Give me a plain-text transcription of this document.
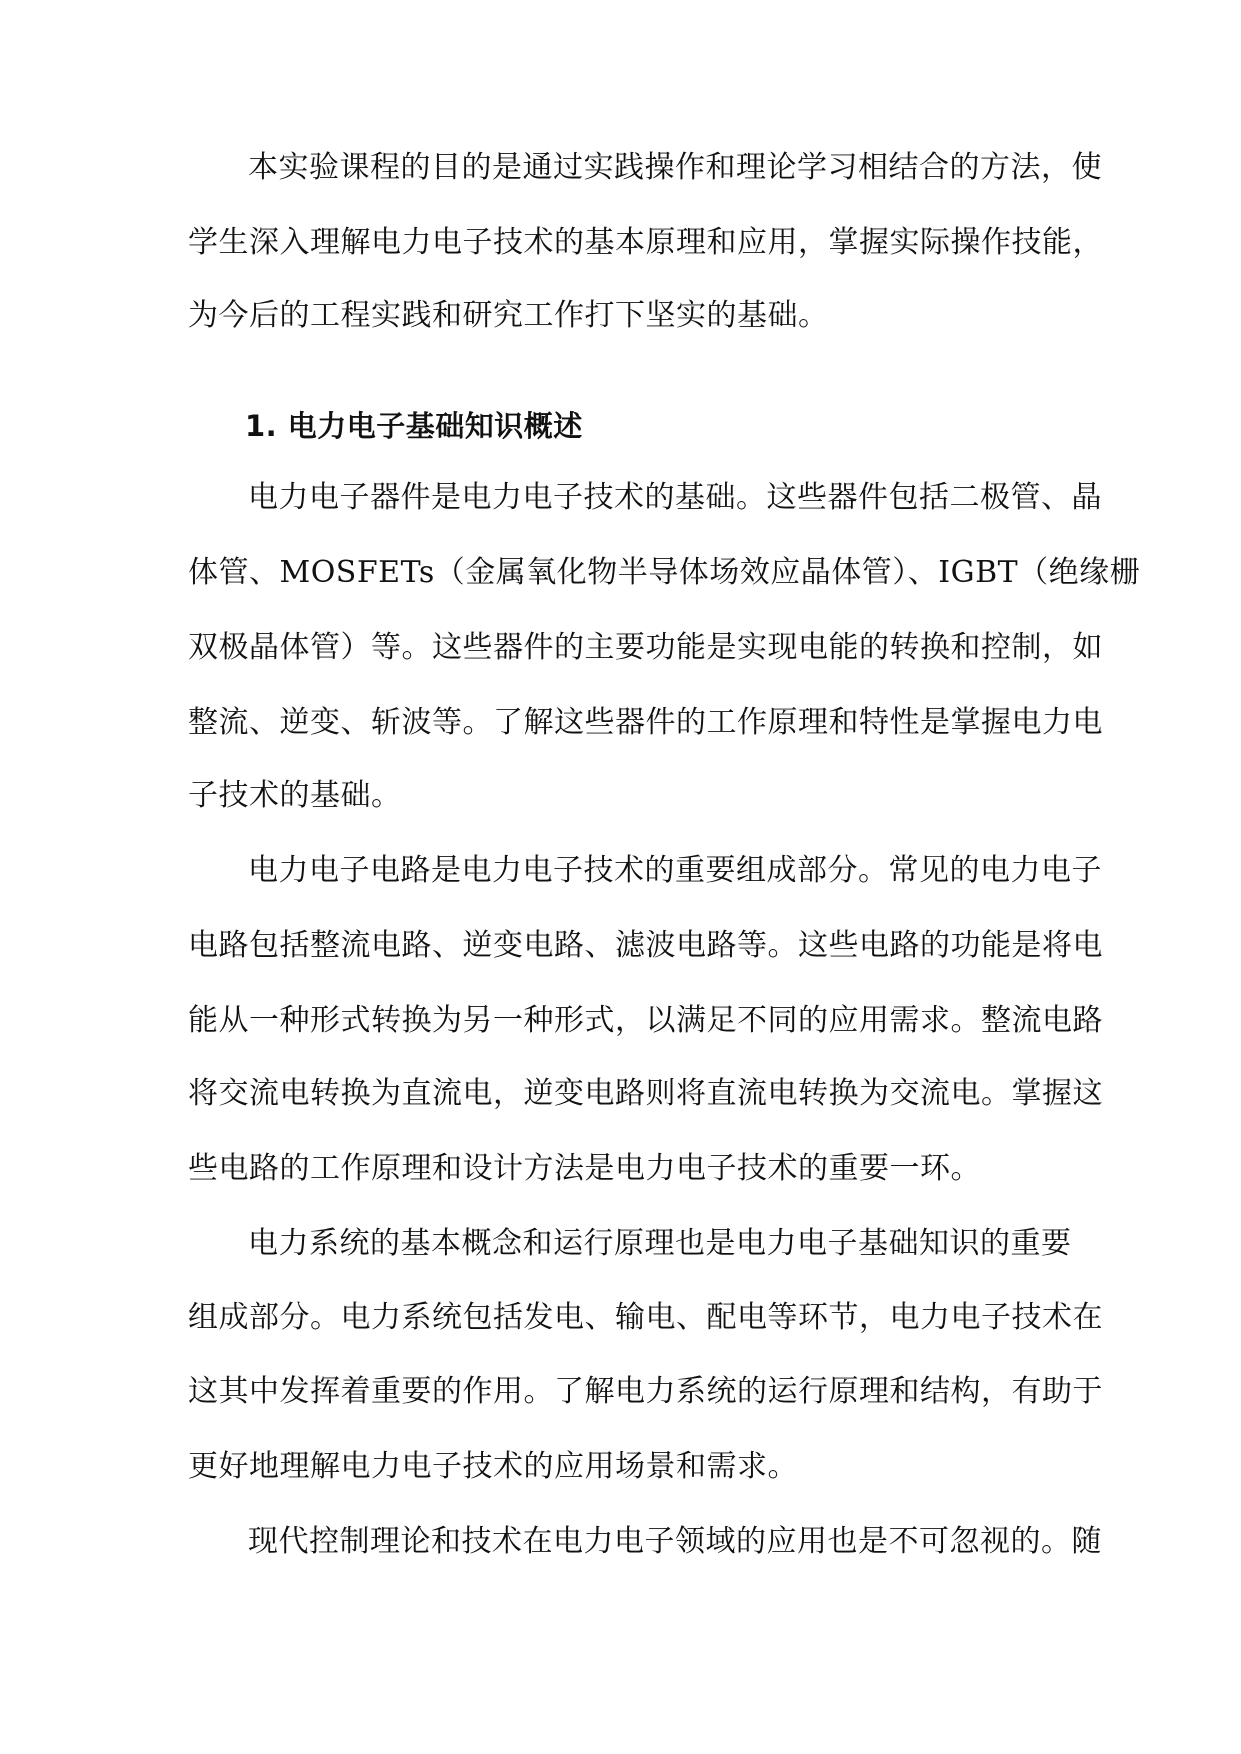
本实验课程的目的是通过实践操作和理论学习相结合的方法，使
学生深入理解电力电子技术的基本原理和应用，掌握实际操作技能，
为今后的工程实践和研究工作打下坚实的基础。
1. 电力电子基础知识概述
电力电子器件是电力电子技术的基础。这些器件包括二极管、晶
体管、MOSFETs（金属氧化物半导体场效应晶体管）、IGBT（绝缘栅
双极晶体管）等。这些器件的主要功能是实现电能的转换和控制，如
整流、逆变、斩波等。了解这些器件的工作原理和特性是掌握电力电
子技术的基础。
电力电子电路是电力电子技术的重要组成部分。常见的电力电子
电路包括整流电路、逆变电路、滤波电路等。这些电路的功能是将电
能从一种形式转换为另一种形式，以满足不同的应用需求。整流电路
将交流电转换为直流电，逆变电路则将直流电转换为交流电。掌握这
些电路的工作原理和设计方法是电力电子技术的重要一环。
电力系统的基本概念和运行原理也是电力电子基础知识的重要
组成部分。电力系统包括发电、输电、配电等环节，电力电子技术在
这其中发挥着重要的作用。了解电力系统的运行原理和结构，有助于
更好地理解电力电子技术的应用场景和需求。
现代控制理论和技术在电力电子领域的应用也是不可忽视的。随
